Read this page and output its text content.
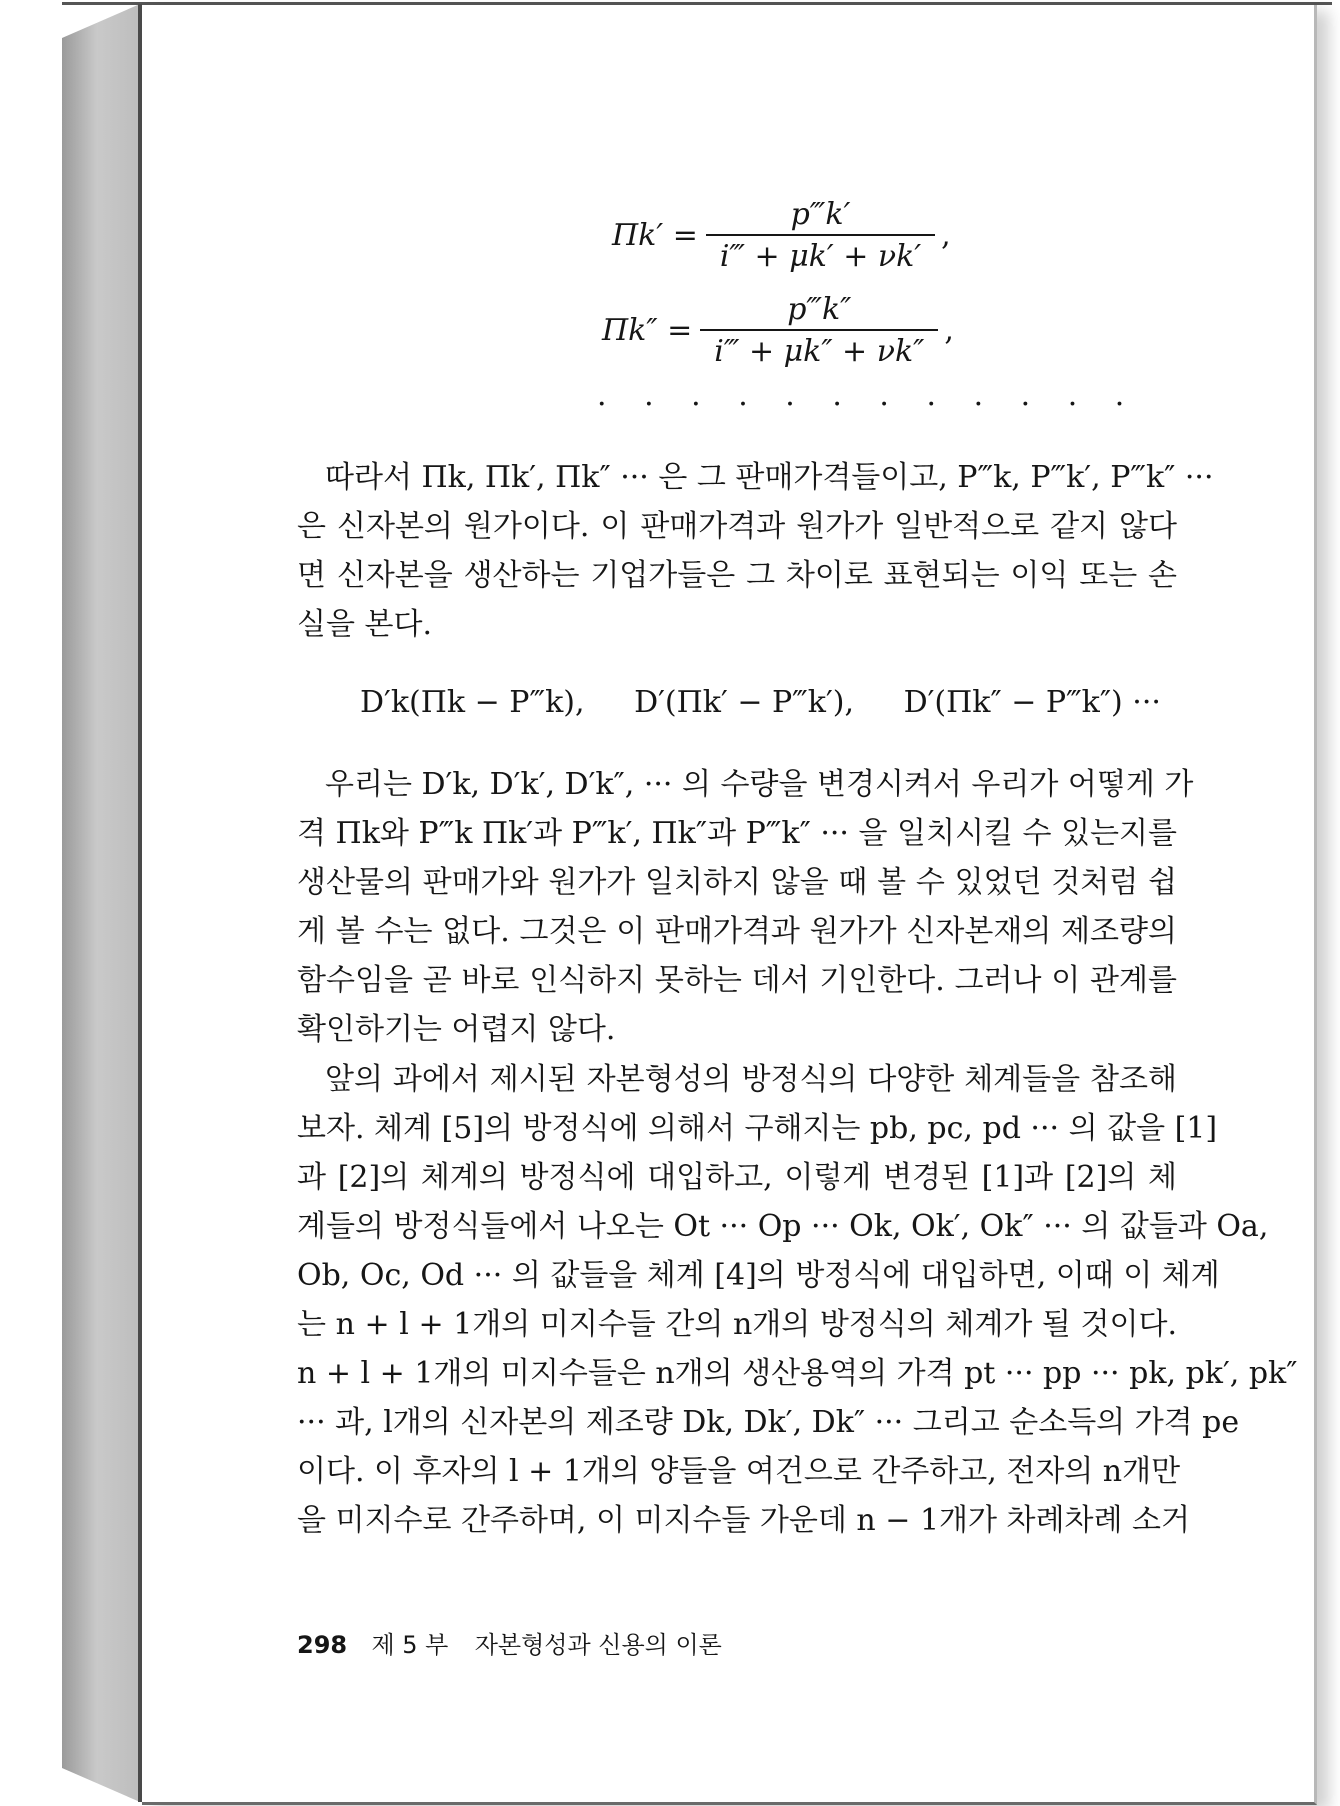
$\Pi k' = \frac{p‴k'}{i‴ + \mu k' + \nu k'}$ ,
$\Pi k'' = \frac{p‴k''}{i‴ + \mu k'' + \nu k''}$ ,
· · · · · · · · · · · ·
따라서 Πk, Πk′, Πk″ ··· 은 그 판매가격들이고, P‴k, P‴k′, P‴k″ ···
은 신자본의 원가이다. 이 판매가격과 원가가 일반적으로 같지 않다
면 신자본을 생산하는 기업가들은 그 차이로 표현되는 이익 또는 손
실을 본다.
D′k(Πk − P‴k), D′(Πk′ − P‴k′), D′(Πk″ − P‴k″) ···
우리는 D′k, D′k′, D′k″, ··· 의 수량을 변경시켜서 우리가 어떻게 가
격 Πk와 P‴k Πk′과 P‴k′, Πk″과 P‴k″ ··· 을 일치시킬 수 있는지를
생산물의 판매가와 원가가 일치하지 않을 때 볼 수 있었던 것처럼 쉽
게 볼 수는 없다. 그것은 이 판매가격과 원가가 신자본재의 제조량의
함수임을 곧 바로 인식하지 못하는 데서 기인한다. 그러나 이 관계를
확인하기는 어렵지 않다.
앞의 과에서 제시된 자본형성의 방정식의 다양한 체계들을 참조해
보자. 체계 [5]의 방정식에 의해서 구해지는 pb, pc, pd ··· 의 값을 [1]
과 [2]의 체계의 방정식에 대입하고, 이렇게 변경된 [1]과 [2]의 체
계들의 방정식들에서 나오는 Ot ··· Op ··· Ok, Ok′, Ok″ ··· 의 값들과 Oa,
Ob, Oc, Od ··· 의 값들을 체계 [4]의 방정식에 대입하면, 이때 이 체계
는 n + l + 1개의 미지수들 간의 n개의 방정식의 체계가 될 것이다.
n + l + 1개의 미지수들은 n개의 생산용역의 가격 pt ··· pp ··· pk, pk′, pk″
··· 과, l개의 신자본의 제조량 Dk, Dk′, Dk″ ··· 그리고 순소득의 가격 pe
이다. 이 후자의 l + 1개의 양들을 여건으로 간주하고, 전자의 n개만
을 미지수로 간주하며, 이 미지수들 가운데 n − 1개가 차례차례 소거
298 제 5 부 자본형성과 신용의 이론
